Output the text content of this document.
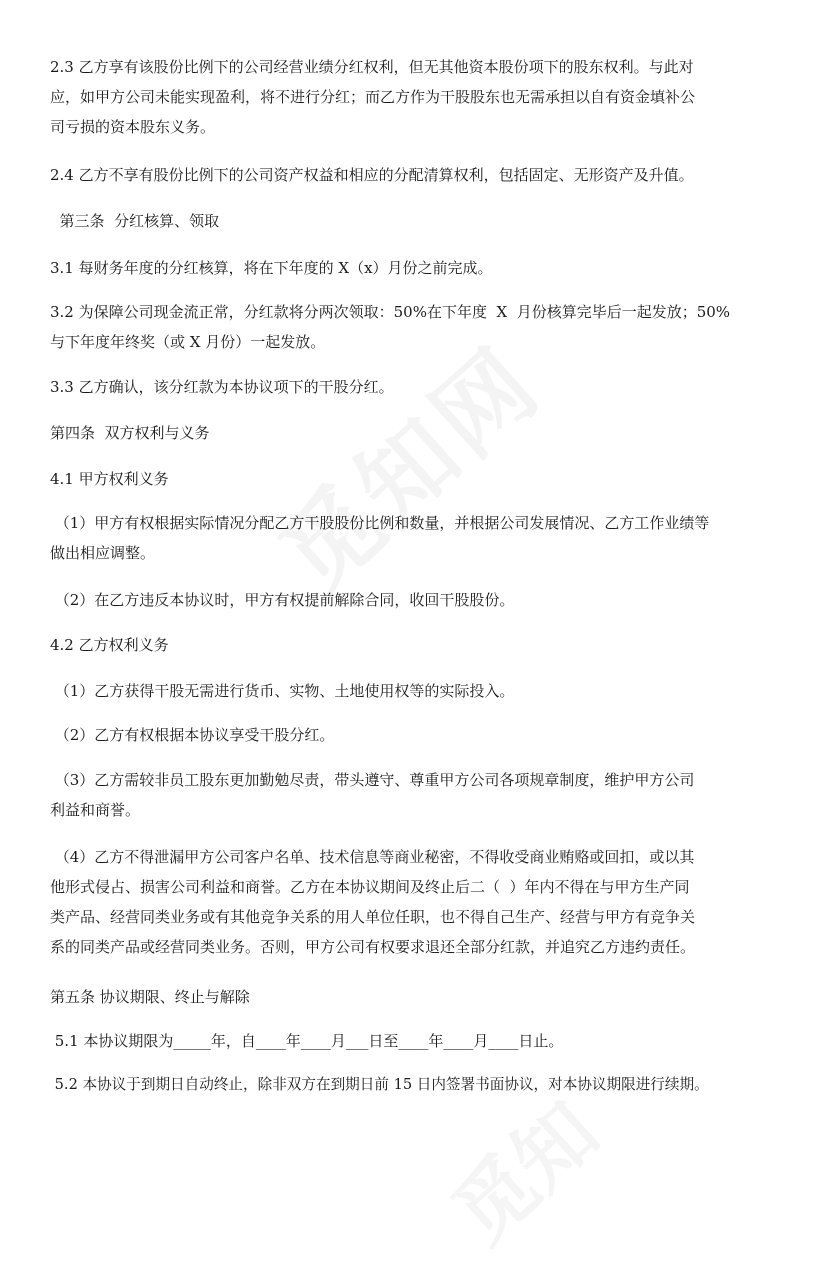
2.3 乙方享有该股份比例下的公司经营业绩分红权利，但无其他资本股份项下的股东权利。与此对
应，如甲方公司未能实现盈利，将不进行分红；而乙方作为干股股东也无需承担以自有资金填补公
司亏损的资本股东义务。

2.4 乙方不享有股份比例下的公司资产权益和相应的分配清算权利，包括固定、无形资产及升值。

第三条  分红核算、领取

3.1 每财务年度的分红核算，将在下年度的 X（x）月份之前完成。

3.2 为保障公司现金流正常，分红款将分两次领取：50%在下年度  X  月份核算完毕后一起发放；50%
与下年度年终奖（或 X 月份）一起发放。

3.3 乙方确认，该分红款为本协议项下的干股分红。

第四条  双方权利与义务

4.1 甲方权利义务

（1）甲方有权根据实际情况分配乙方干股股份比例和数量，并根据公司发展情况、乙方工作业绩等
做出相应调整。

（2）在乙方违反本协议时，甲方有权提前解除合同，收回干股股份。

4.2 乙方权利义务

（1）乙方获得干股无需进行货币、实物、土地使用权等的实际投入。

（2）乙方有权根据本协议享受干股分红。

（3）乙方需较非员工股东更加勤勉尽责，带头遵守、尊重甲方公司各项规章制度，维护甲方公司
利益和商誉。

（4）乙方不得泄漏甲方公司客户名单、技术信息等商业秘密，不得收受商业贿赂或回扣，或以其
他形式侵占、损害公司利益和商誉。乙方在本协议期间及终止后二（  ）年内不得在与甲方生产同
类产品、经营同类业务或有其他竞争关系的用人单位任职，也不得自己生产、经营与甲方有竞争关
系的同类产品或经营同类业务。否则，甲方公司有权要求退还全部分红款，并追究乙方违约责任。

第五条 协议期限、终止与解除

5.1 本协议期限为_____年，自____年____月___日至____年____月____日止。

5.2 本协议于到期日自动终止，除非双方在到期日前 15 日内签署书面协议，对本协议期限进行续期。
